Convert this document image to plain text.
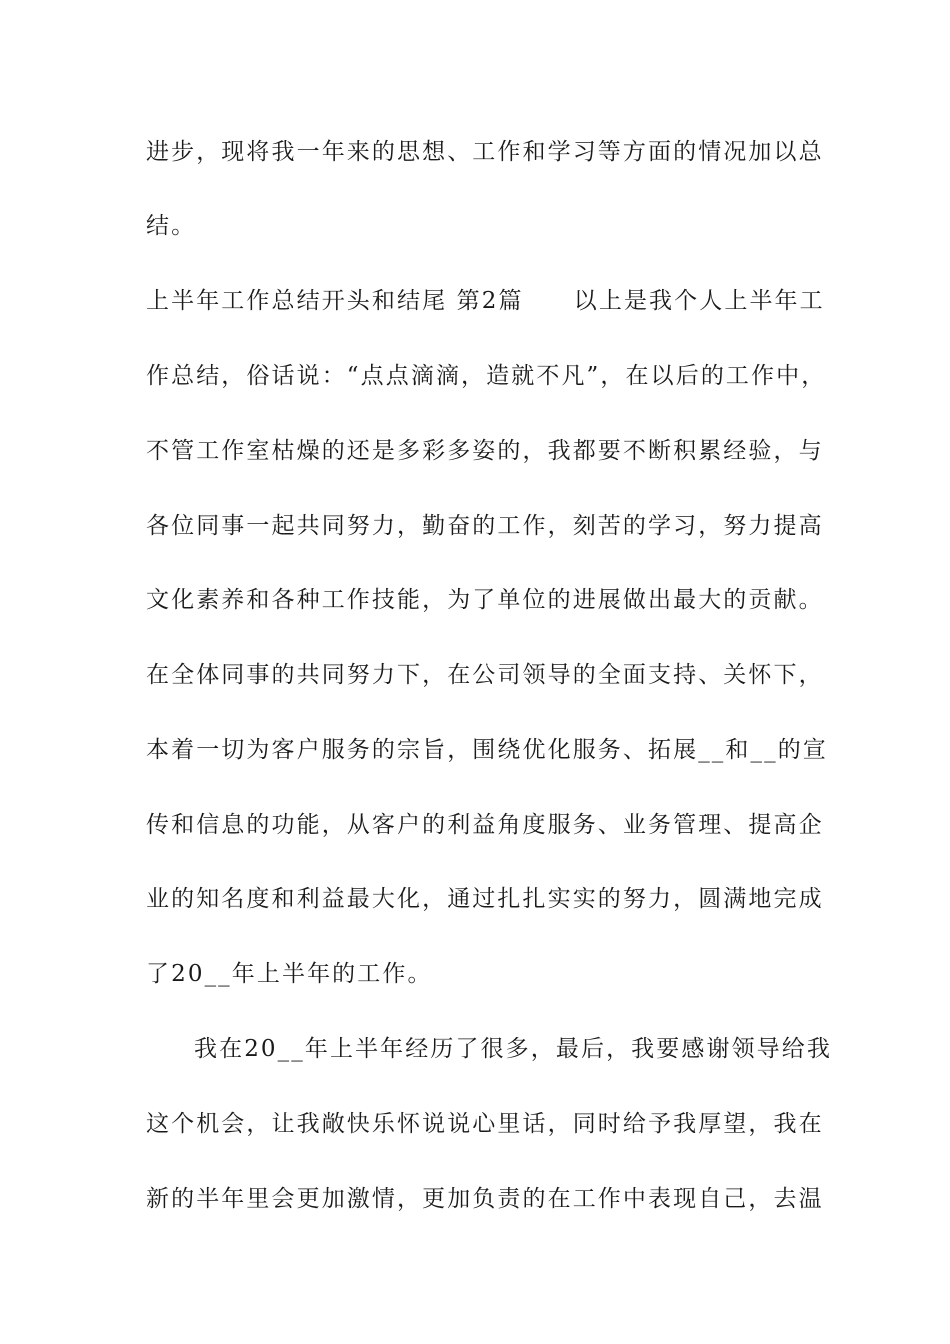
进步，现将我一年来的思想、工作和学习等方面的情况加以总
结。
上半年工作总结开头和结尾 第2篇　　以上是我个人上半年工
作总结，俗话说：“点点滴滴，造就不凡”，在以后的工作中，
不管工作室枯燥的还是多彩多姿的，我都要不断积累经验，与
各位同事一起共同努力，勤奋的工作，刻苦的学习，努力提高
文化素养和各种工作技能，为了单位的进展做出最大的贡献。
在全体同事的共同努力下，在公司领导的全面支持、关怀下，
本着一切为客户服务的宗旨，围绕优化服务、拓展__和__的宣
传和信息的功能，从客户的利益角度服务、业务管理、提高企
业的知名度和利益最大化，通过扎扎实实的努力，圆满地完成
了20__年上半年的工作。
我在20__年上半年经历了很多，最后，我要感谢领导给我
这个机会，让我敞快乐怀说说心里话，同时给予我厚望，我在
新的半年里会更加激情，更加负责的在工作中表现自己，去温
